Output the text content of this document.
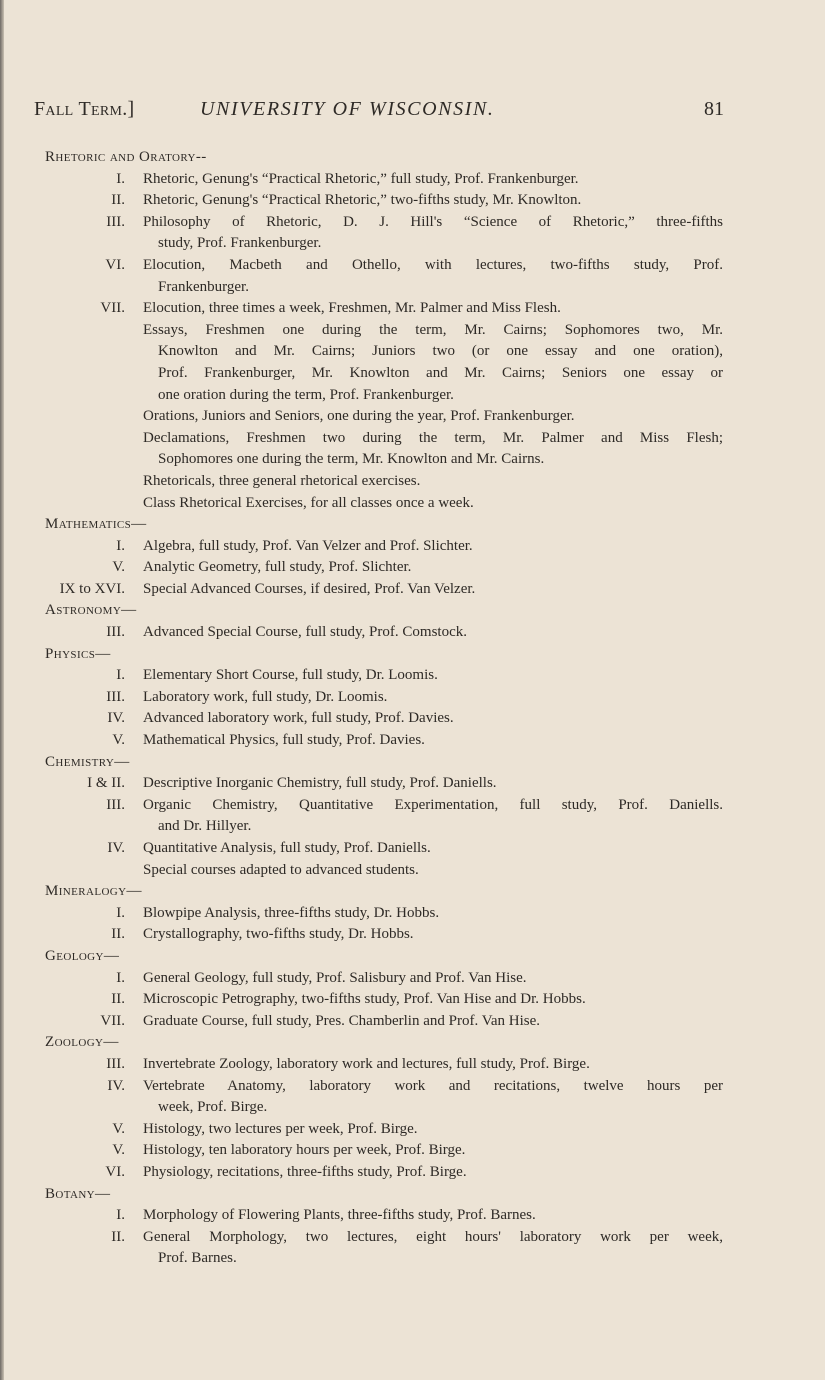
Fall Term.]	UNIVERSITY OF WISCONSIN.	81
Rhetoric and Oratory--
I. Rhetoric, Genung's “Practical Rhetoric,” full study, Prof. Frankenburger.
II. Rhetoric, Genung's “Practical Rhetoric,” two-fifths study, Mr. Knowlton.
III. Philosophy of Rhetoric, D. J. Hill's “Science of Rhetoric,” three-fifths
study, Prof. Frankenburger.
VI. Elocution, Macbeth and Othello, with lectures, two-fifths study, Prof.
Frankenburger.
VII. Elocution, three times a week, Freshmen, Mr. Palmer and Miss Flesh.
Essays, Freshmen one during the term, Mr. Cairns; Sophomores two, Mr.
Knowlton and Mr. Cairns; Juniors two (or one essay and one oration),
Prof. Frankenburger, Mr. Knowlton and Mr. Cairns; Seniors one essay or
one oration during the term, Prof. Frankenburger.
Orations, Juniors and Seniors, one during the year, Prof. Frankenburger.
Declamations, Freshmen two during the term, Mr. Palmer and Miss Flesh;
Sophomores one during the term, Mr. Knowlton and Mr. Cairns.
Rhetoricals, three general rhetorical exercises.
Class Rhetorical Exercises, for all classes once a week.
Mathematics—
I. Algebra, full study, Prof. Van Velzer and Prof. Slichter.
V. Analytic Geometry, full study, Prof. Slichter.
IX to XVI. Special Advanced Courses, if desired, Prof. Van Velzer.
Astronomy—
III. Advanced Special Course, full study, Prof. Comstock.
Physics—
I. Elementary Short Course, full study, Dr. Loomis.
III. Laboratory work, full study, Dr. Loomis.
IV. Advanced laboratory work, full study, Prof. Davies.
V. Mathematical Physics, full study, Prof. Davies.
Chemistry—
I & II. Descriptive Inorganic Chemistry, full study, Prof. Daniells.
III. Organic Chemistry, Quantitative Experimentation, full study, Prof. Daniells.
and Dr. Hillyer.
IV. Quantitative Analysis, full study, Prof. Daniells.
Special courses adapted to advanced students.
Mineralogy—
I. Blowpipe Analysis, three-fifths study, Dr. Hobbs.
II. Crystallography, two-fifths study, Dr. Hobbs.
Geology—
I. General Geology, full study, Prof. Salisbury and Prof. Van Hise.
II. Microscopic Petrography, two-fifths study, Prof. Van Hise and Dr. Hobbs.
VII. Graduate Course, full study, Pres. Chamberlin and Prof. Van Hise.
Zoology—
III. Invertebrate Zoology, laboratory work and lectures, full study, Prof. Birge.
IV. Vertebrate Anatomy, laboratory work and recitations, twelve hours per
week, Prof. Birge.
V. Histology, two lectures per week, Prof. Birge.
V. Histology, ten laboratory hours per week, Prof. Birge.
VI. Physiology, recitations, three-fifths study, Prof. Birge.
Botany—
I. Morphology of Flowering Plants, three-fifths study, Prof. Barnes.
II. General Morphology, two lectures, eight hours' laboratory work per week,
Prof. Barnes.
